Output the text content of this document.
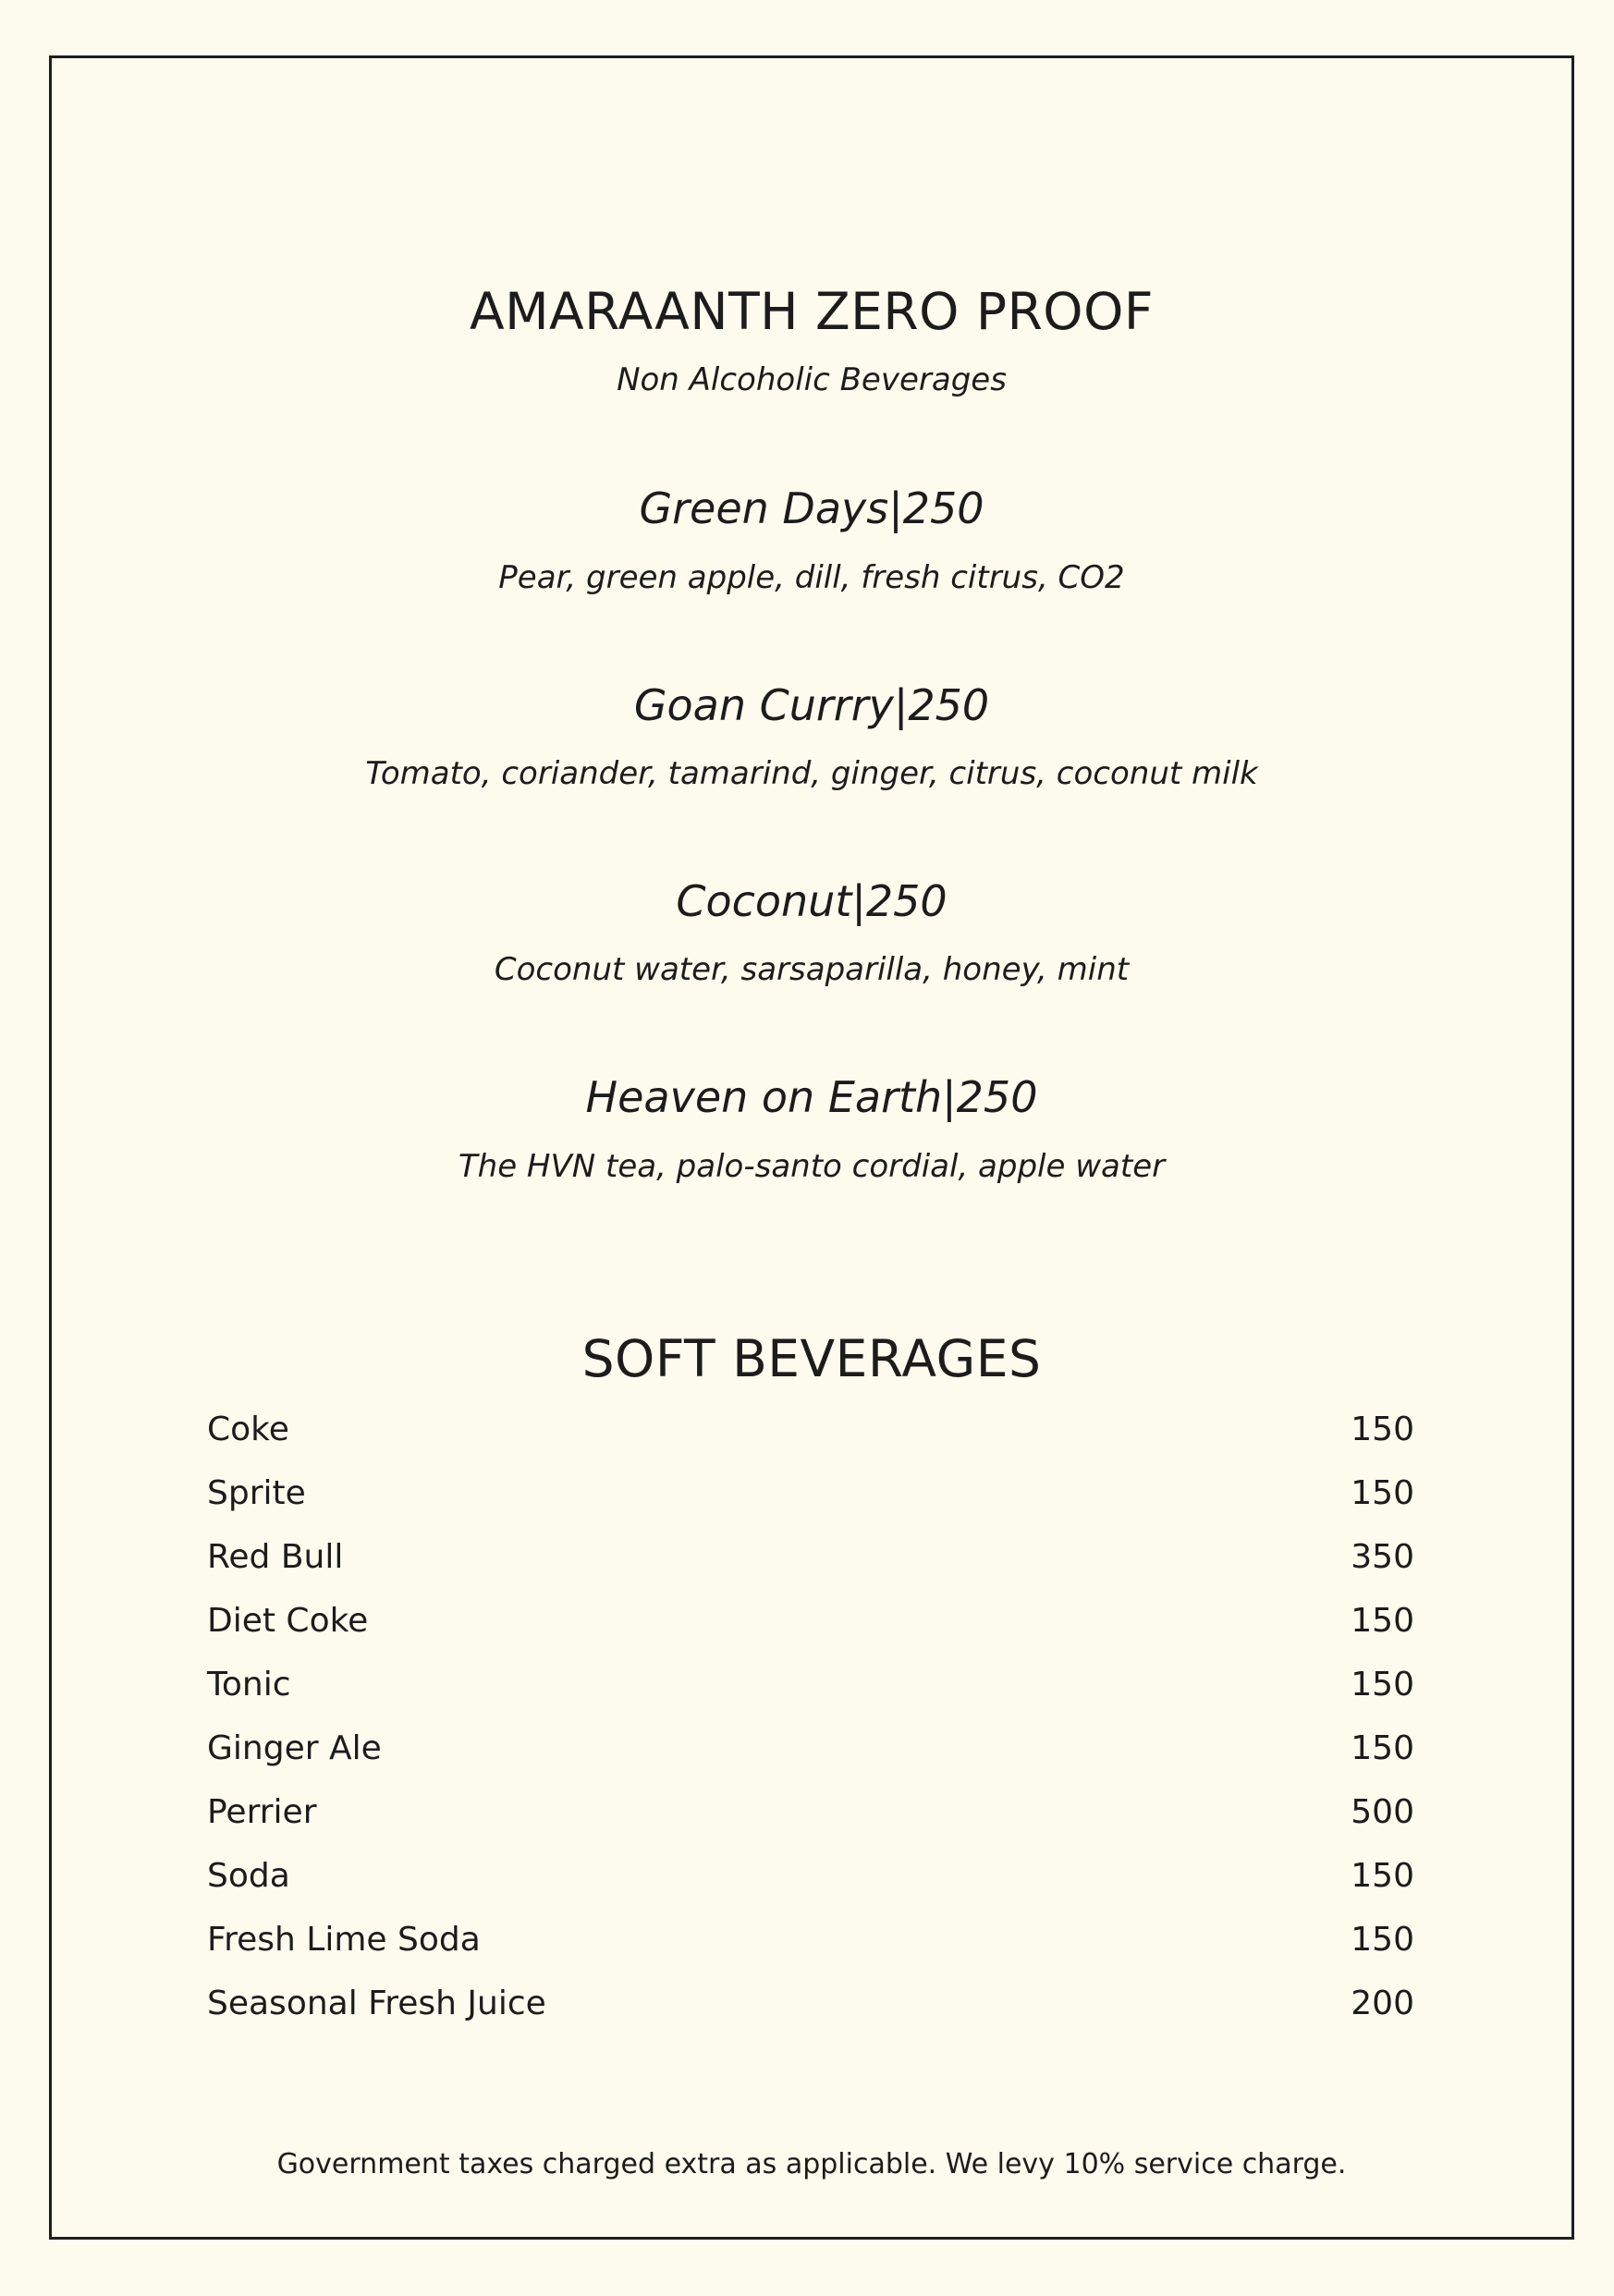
AMARAANTH ZERO PROOF
Non Alcoholic Beverages
Green Days|250
Pear, green apple, dill, fresh citrus, CO2
Goan Currry|250
Tomato, coriander, tamarind, ginger, citrus, coconut milk
Coconut|250
Coconut water, sarsaparilla, honey, mint
Heaven on Earth|250
The HVN tea, palo-santo cordial, apple water
SOFT BEVERAGES
Coke	150
Sprite	150
Red Bull	350
Diet Coke	150
Tonic	150
Ginger Ale	150
Perrier	500
Soda	150
Fresh Lime Soda	150
Seasonal Fresh Juice	200
Government taxes charged extra as applicable. We levy 10% service charge.
